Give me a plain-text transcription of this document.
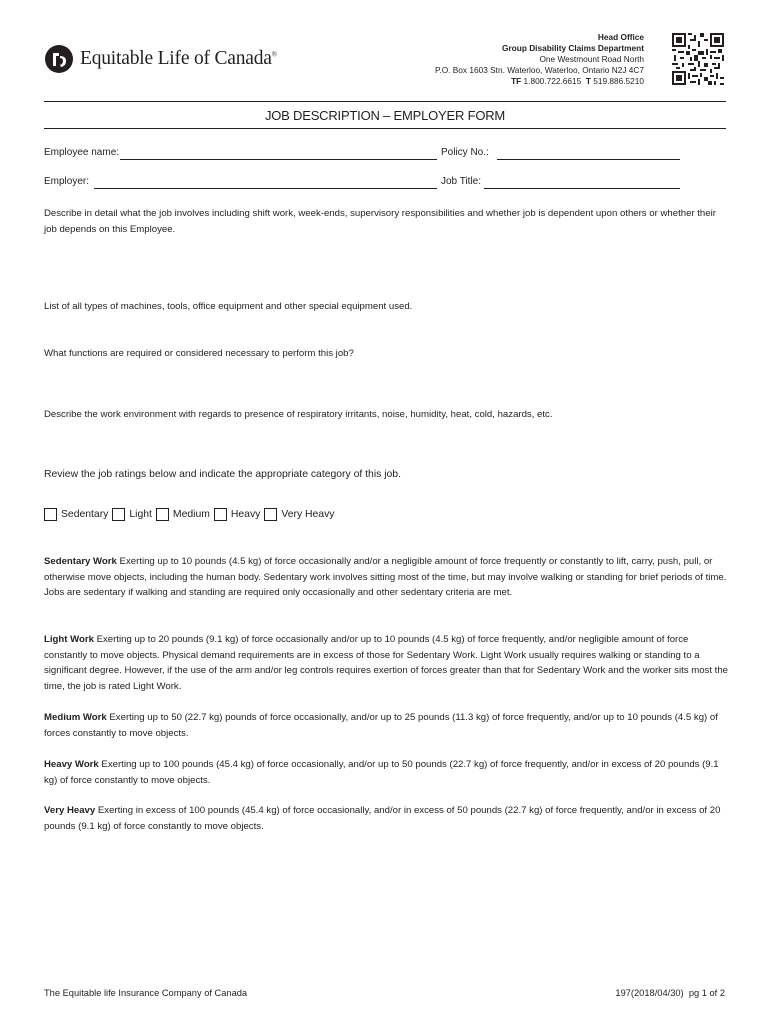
Equitable Life of Canada®
Head Office
Group Disability Claims Department
One Westmount Road North
P.O. Box 1603 Stn. Waterloo, Waterloo, Ontario N2J 4C7
TF 1.800.722.6615 T 519.886.5210
JOB DESCRIPTION – EMPLOYER FORM
Employee name:	Policy No.:
Employer:	Job Title:
Describe in detail what the job involves including shift work, week-ends, supervisory responsibilities and whether job is dependent upon others or whether their job depends on this Employee.
List of all types of machines, tools, office equipment and other special equipment used.
What functions are required or considered necessary to perform this job?
Describe the work environment with regards to presence of respiratory irritants, noise, humidity, heat, cold, hazards, etc.
Review the job ratings below and indicate the appropriate category of this job.
Sedentary Light Medium Heavy Very Heavy
Sedentary Work Exerting up to 10 pounds (4.5 kg) of force occasionally and/or a negligible amount of force frequently or constantly to lift, carry, push, pull, or otherwise move objects, including the human body. Sedentary work involves sitting most of the time, but may involve walking or standing for brief periods of time. Jobs are sedentary if walking and standing are required only occasionally and other sedentary criteria are met.
Light Work Exerting up to 20 pounds (9.1 kg) of force occasionally and/or up to 10 pounds (4.5 kg) of force frequently, and/or negligible amount of force constantly to move objects. Physical demand requirements are in excess of those for Sedentary Work. Light Work usually requires walking or standing to a significant degree. However, if the use of the arm and/or leg controls requires exertion of forces greater than that for Sedentary Work and the worker sits most the time, the job is rated Light Work.
Medium Work Exerting up to 50 (22.7 kg) pounds of force occasionally, and/or up to 25 pounds (11.3 kg) of force frequently, and/or up to 10 pounds (4.5 kg) of forces constantly to move objects.
Heavy Work Exerting up to 100 pounds (45.4 kg) of force occasionally, and/or up to 50 pounds (22.7 kg) of force frequently, and/or in excess of 20 pounds (9.1 kg) of force constantly to move objects.
Very Heavy Exerting in excess of 100 pounds (45.4 kg) of force occasionally, and/or in excess of 50 pounds (22.7 kg) of force frequently, and/or in excess of 20 pounds (9.1 kg) of force constantly to move objects.
The Equitable life Insurance Company of Canada	197(2018/04/30) pg 1 of 2
